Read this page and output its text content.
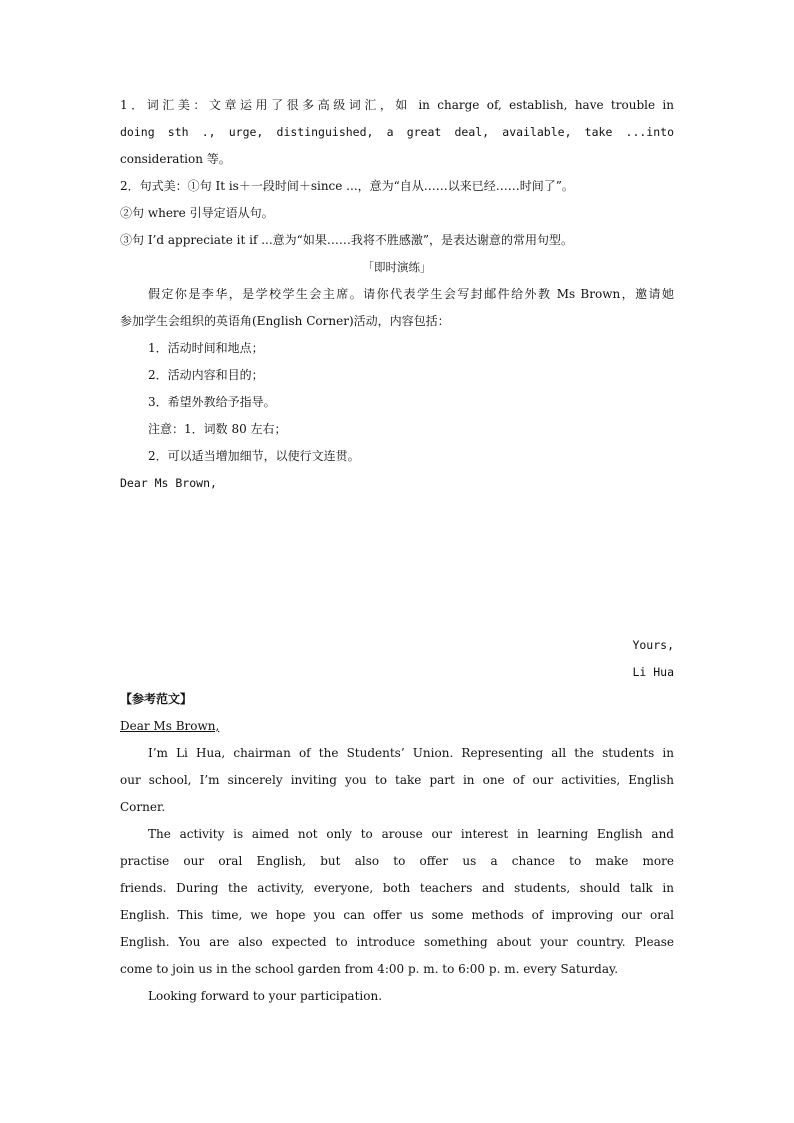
1．词汇美：文章运用了很多高级词汇，如 in charge of, establish, have trouble in
doing sth ., urge, distinguished, a great deal, available, take ...into
consideration 等。
2．句式美：①句 It is＋一段时间＋since ...，意为“自从……以来已经……时间了”。
②句 where 引导定语从句。
③句 I’d appreciate it if ...意为“如果……我将不胜感激”，是表达谢意的常用句型。
「即时演练」
假定你是李华，是学校学生会主席。请你代表学生会写封邮件给外教 Ms Brown，邀请她
参加学生会组织的英语角(English Corner)活动，内容包括：
1．活动时间和地点；
2．活动内容和目的；
3．希望外教给予指导。
注意：1．词数 80 左右；
2．可以适当增加细节，以使行文连贯。
Dear Ms Brown,
Yours,
Li Hua
【参考范文】
Dear Ms Brown,
I’m Li Hua, chairman of the Students’ Union. Representing all the students in
our school, I’m sincerely inviting you to take part in one of our activities, English
Corner.
The activity is aimed not only to arouse our interest in learning English and
practise our oral English, but also to offer us a chance to make more
friends. During the activity, everyone, both teachers and students, should talk in
English. This time, we hope you can offer us some methods of improving our oral
English. You are also expected to introduce something about your country. Please
come to join us in the school garden from 4:00 p. m. to 6:00 p. m. every Saturday.
Looking forward to your participation.
